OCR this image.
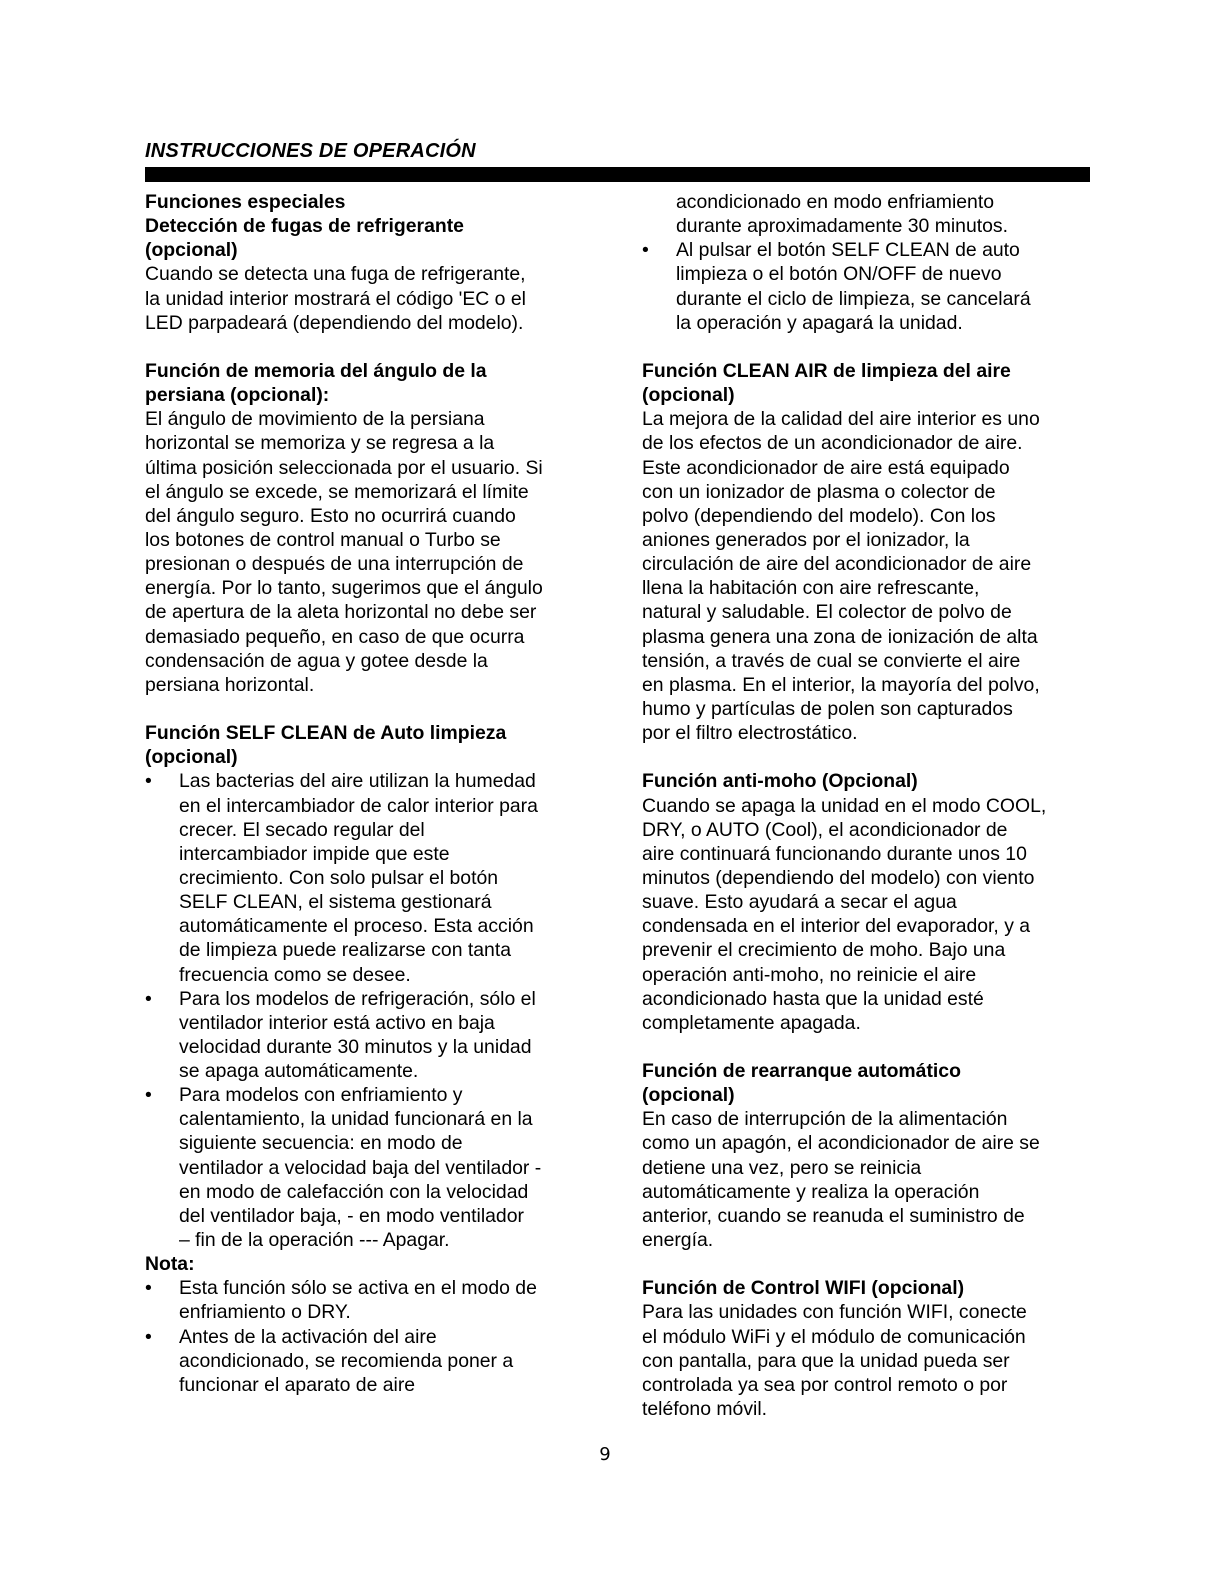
INSTRUCCIONES DE OPERACIÓN
Funciones especiales
Detección de fugas de refrigerante
(opcional)
Cuando se detecta una fuga de refrigerante,
la unidad interior mostrará el código 'EC o el
LED parpadeará (dependiendo del modelo).
Función de memoria del ángulo de la
persiana (opcional):
El ángulo de movimiento de la persiana
horizontal se memoriza y se regresa a la
última posición seleccionada por el usuario. Si
el ángulo se excede, se memorizará el límite
del ángulo seguro. Esto no ocurrirá cuando
los botones de control manual o Turbo se
presionan o después de una interrupción de
energía. Por lo tanto, sugerimos que el ángulo
de apertura de la aleta horizontal no debe ser
demasiado pequeño, en caso de que ocurra
condensación de agua y gotee desde la
persiana horizontal.
Función SELF CLEAN de Auto limpieza
(opcional)
• Las bacterias del aire utilizan la humedad
en el intercambiador de calor interior para
crecer. El secado regular del
intercambiador impide que este
crecimiento. Con solo pulsar el botón
SELF CLEAN, el sistema gestionará
automáticamente el proceso. Esta acción
de limpieza puede realizarse con tanta
frecuencia como se desee.
• Para los modelos de refrigeración, sólo el
ventilador interior está activo en baja
velocidad durante 30 minutos y la unidad
se apaga automáticamente.
• Para modelos con enfriamiento y
calentamiento, la unidad funcionará en la
siguiente secuencia: en modo de
ventilador a velocidad baja del ventilador -
en modo de calefacción con la velocidad
del ventilador baja, - en modo ventilador
– fin de la operación --- Apagar.
Nota:
• Esta función sólo se activa en el modo de
enfriamiento o DRY.
• Antes de la activación del aire
acondicionado, se recomienda poner a
funcionar el aparato de aire
acondicionado en modo enfriamiento
durante aproximadamente 30 minutos.
• Al pulsar el botón SELF CLEAN de auto
limpieza o el botón ON/OFF de nuevo
durante el ciclo de limpieza, se cancelará
la operación y apagará la unidad.
Función CLEAN AIR de limpieza del aire
(opcional)
La mejora de la calidad del aire interior es uno
de los efectos de un acondicionador de aire.
Este acondicionador de aire está equipado
con un ionizador de plasma o colector de
polvo (dependiendo del modelo). Con los
aniones generados por el ionizador, la
circulación de aire del acondicionador de aire
llena la habitación con aire refrescante,
natural y saludable. El colector de polvo de
plasma genera una zona de ionización de alta
tensión, a través de cual se convierte el aire
en plasma. En el interior, la mayoría del polvo,
humo y partículas de polen son capturados
por el filtro electrostático.
Función anti-moho (Opcional)
Cuando se apaga la unidad en el modo COOL,
DRY, o AUTO (Cool), el acondicionador de
aire continuará funcionando durante unos 10
minutos (dependiendo del modelo) con viento
suave. Esto ayudará a secar el agua
condensada en el interior del evaporador, y a
prevenir el crecimiento de moho. Bajo una
operación anti-moho, no reinicie el aire
acondicionado hasta que la unidad esté
completamente apagada.
Función de rearranque automático
(opcional)
En caso de interrupción de la alimentación
como un apagón, el acondicionador de aire se
detiene una vez, pero se reinicia
automáticamente y realiza la operación
anterior, cuando se reanuda el suministro de
energía.
Función de Control WIFI (opcional)
Para las unidades con función WIFI, conecte
el módulo WiFi y el módulo de comunicación
con pantalla, para que la unidad pueda ser
controlada ya sea por control remoto o por
teléfono móvil.
9
